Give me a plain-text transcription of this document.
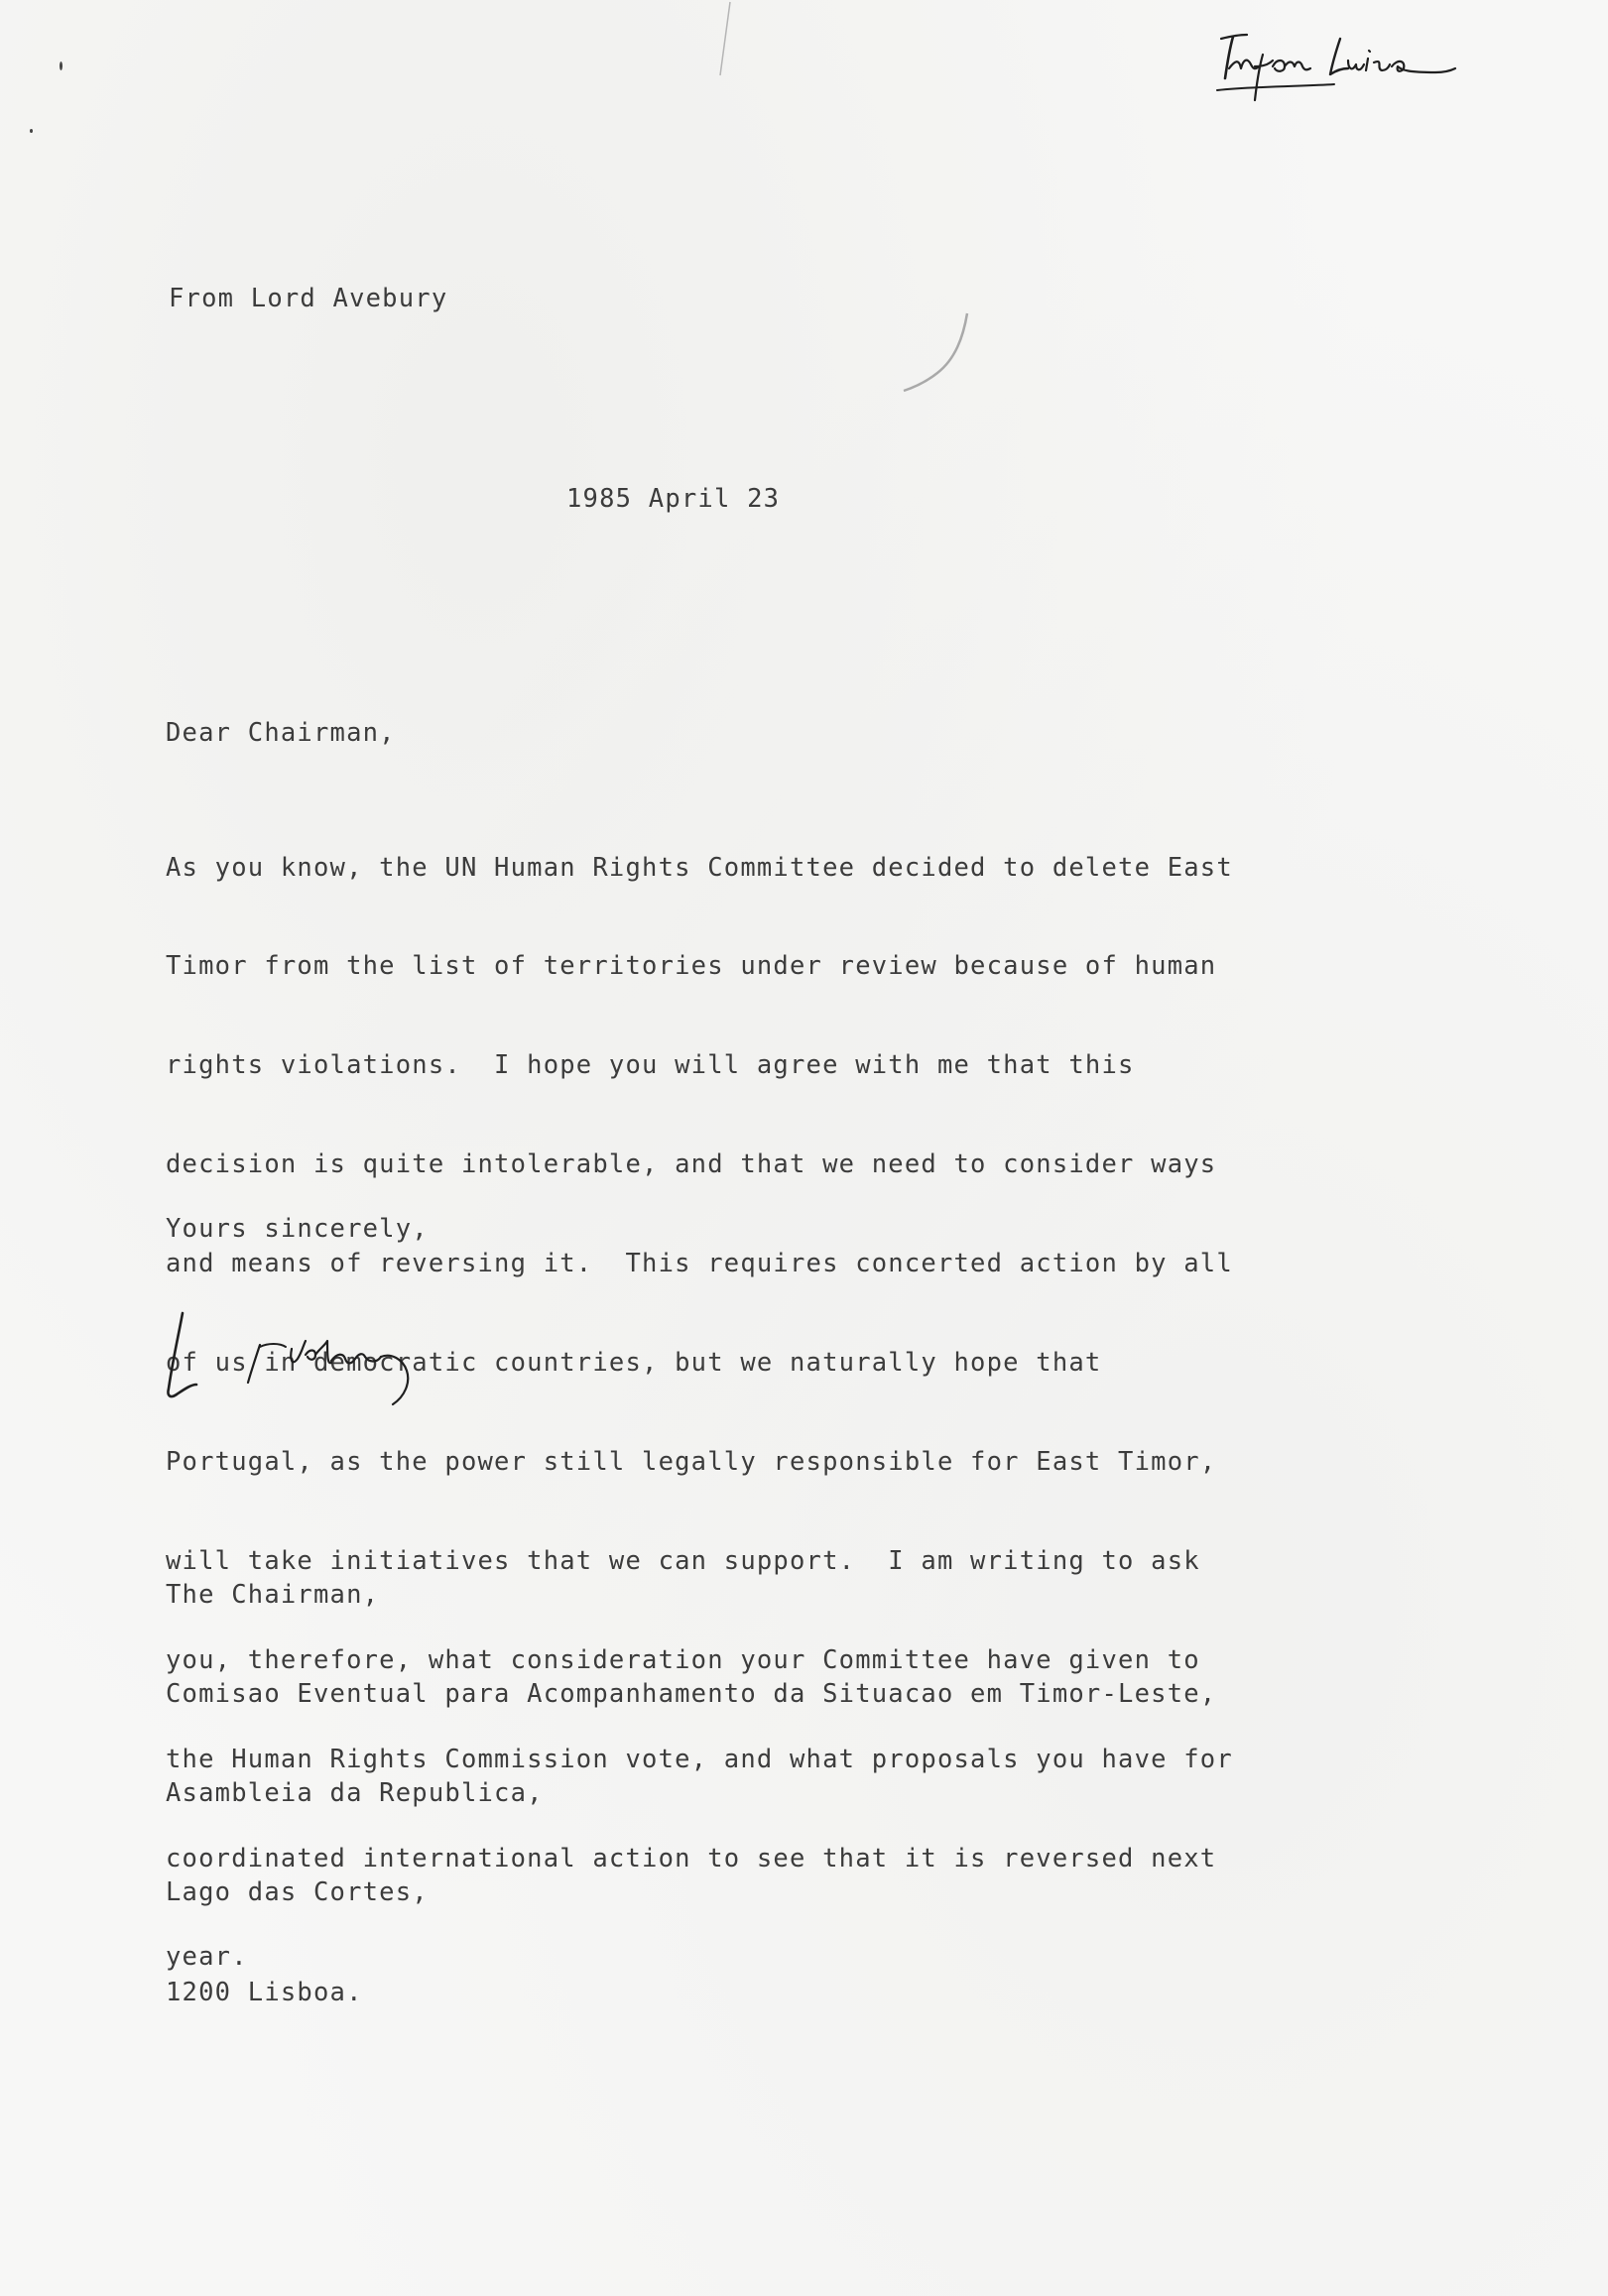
From Lord Avebury

1985 April 23

Dear Chairman,

As you know, the UN Human Rights Committee decided to delete East

Timor from the list of territories under review because of human

rights violations.  I hope you will agree with me that this

decision is quite intolerable, and that we need to consider ways

and means of reversing it.  This requires concerted action by all

of us in democratic countries, but we naturally hope that

Portugal, as the power still legally responsible for East Timor,

will take initiatives that we can support.  I am writing to ask

you, therefore, what consideration your Committee have given to

the Human Rights Commission vote, and what proposals you have for

coordinated international action to see that it is reversed next

year.

Yours sincerely,

The Chairman,

Comisao Eventual para Acompanhamento da Situacao em Timor-Leste,

Asambleia da Republica,

Lago das Cortes,

1200 Lisboa.
